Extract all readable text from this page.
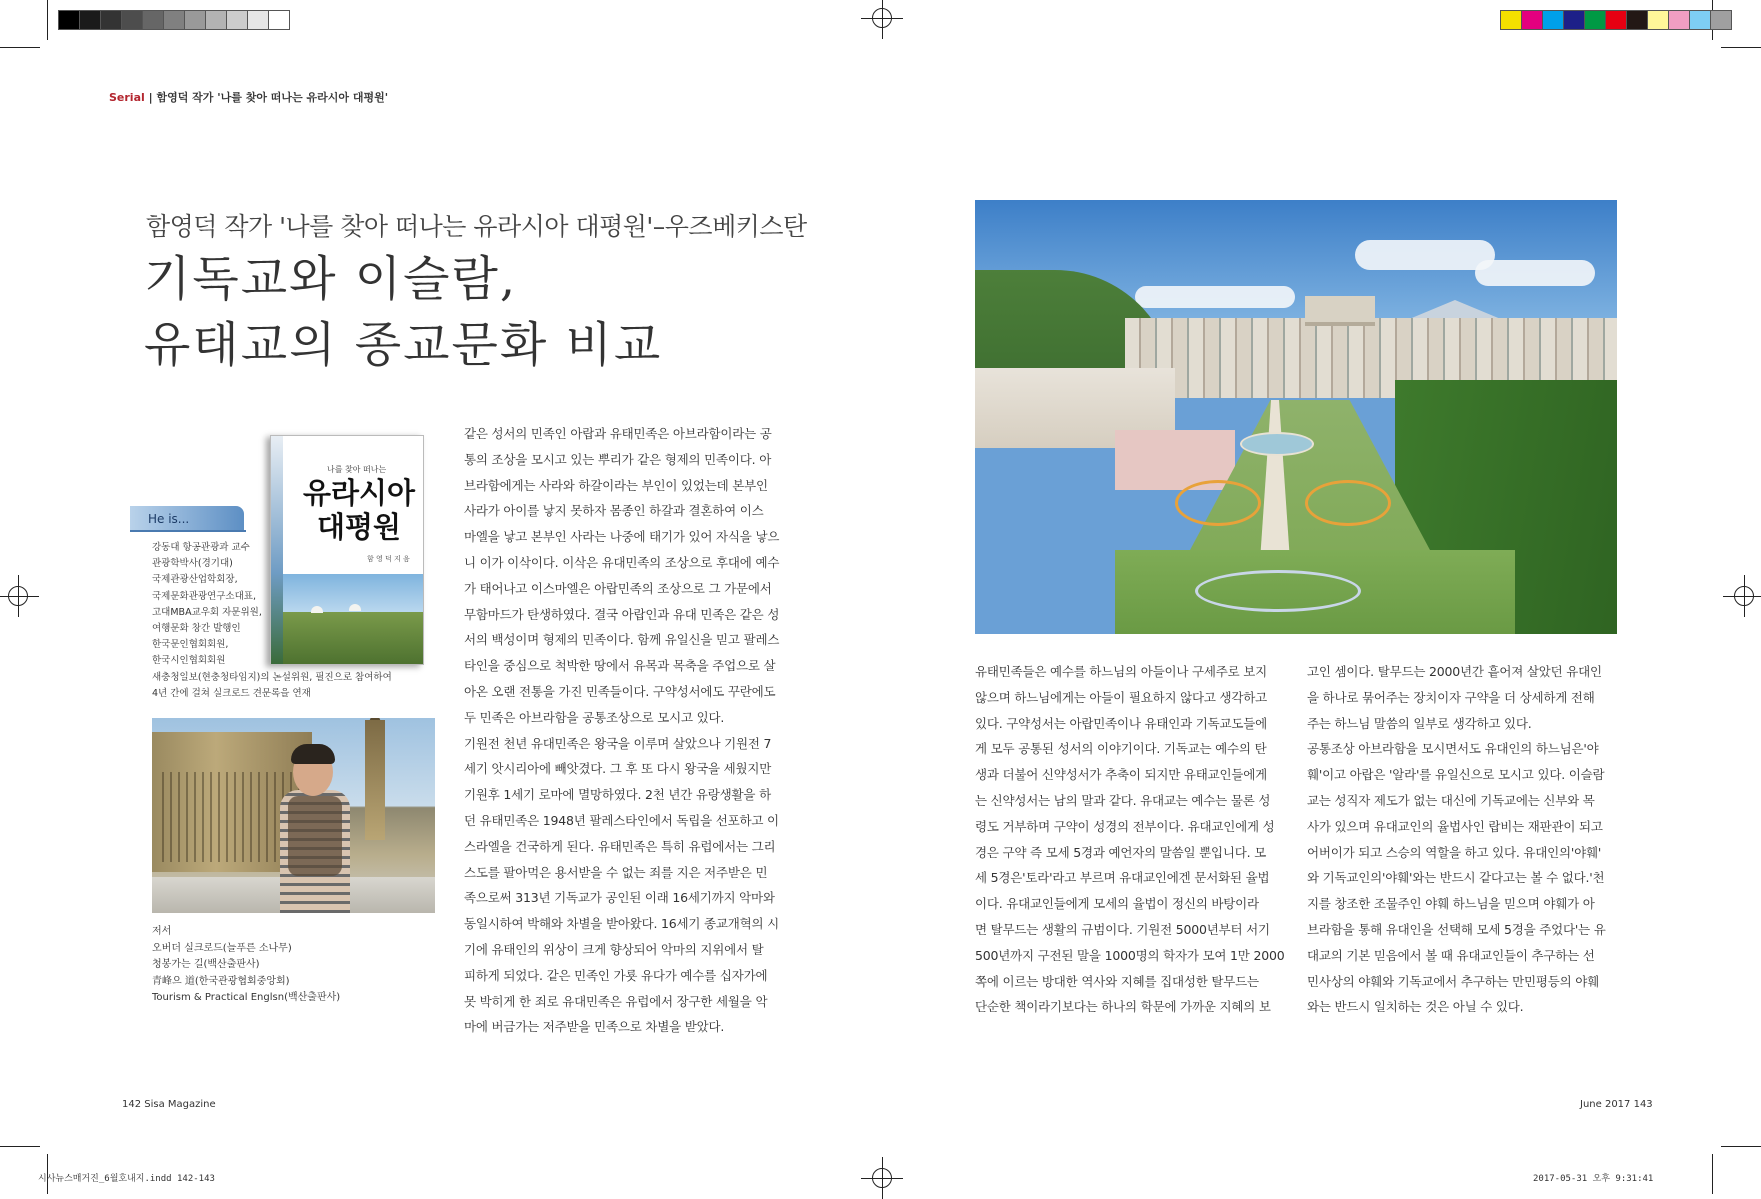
Serial | 함영덕 작가 '나를 찾아 떠나는 유라시아 대평원'
함영덕 작가 '나를 찾아 떠나는 유라시아 대평원'–우즈베키스탄
기독교와 이슬람,
유태교의 종교문화 비교
나를 찾아 떠나는
유라시아
대평원
함 영 덕 지 음
He is...
강동대 항공관광과 교수
관광학박사(경기대)
국제관광산업학회장,
국제문화관광연구소대표,
고대MBA교우회 자문위원,
여행문화 창간 발행인
한국문인협회회원,
한국시인협회회원
새충청일보(현충청타임지)의 논설위원, 필진으로 참여하여
4년 간에 걸쳐 실크로드 견문록을 연재
저서
오버더 실크로드(늘푸른 소나무)
청봉가는 길(백산출판사)
青峰으 道(한국관광협회중앙회)
Tourism & Practical Englsn(백산출판사)
같은 성서의 민족인 아랍과 유태민족은 아브라함이라는 공
통의 조상을 모시고 있는 뿌리가 같은 형제의 민족이다. 아
브라함에게는 사라와 하갈이라는 부인이 있었는데 본부인
사라가 아이를 낳지 못하자 몸종인 하갈과 결혼하여 이스
마엘을 낳고 본부인 사라는 나중에 태기가 있어 자식을 낳으
니 이가 이삭이다. 이삭은 유대민족의 조상으로 후대에 예수
가 태어나고 이스마엘은 아랍민족의 조상으로 그 가문에서
무함마드가 탄생하였다. 결국 아랍인과 유대 민족은 같은 성
서의 백성이며 형제의 민족이다. 함께 유일신을 믿고 팔레스
타인을 중심으로 척박한 땅에서 유목과 목축을 주업으로 살
아온 오랜 전통을 가진 민족들이다. 구약성서에도 꾸란에도
두 민족은 아브라함을 공통조상으로 모시고 있다.
기원전 천년 유대민족은 왕국을 이루며 살았으나 기원전 7
세기 앗시리아에 빼앗겼다. 그 후 또 다시 왕국을 세웠지만
기원후 1세기 로마에 멸망하였다. 2천 년간 유랑생활을 하
던 유태민족은 1948년 팔레스타인에서 독립을 선포하고 이
스라엘을 건국하게 된다. 유태민족은 특히 유럽에서는 그리
스도를 팔아먹은 용서받을 수 없는 죄를 지은 저주받은 민
족으로써 313년 기독교가 공인된 이래 16세기까지 악마와
동일시하여 박해와 차별을 받아왔다. 16세기 종교개혁의 시
기에 유태인의 위상이 크게 향상되어 악마의 지위에서 탈
피하게 되었다. 같은 민족인 가룟 유다가 예수를 십자가에
못 박히게 한 죄로 유대민족은 유럽에서 장구한 세월을 악
마에 버금가는 저주받을 민족으로 차별을 받았다.
유태민족들은 예수를 하느님의 아들이나 구세주로 보지
않으며 하느님에게는 아들이 필요하지 않다고 생각하고
있다. 구약성서는 아랍민족이나 유태인과 기독교도들에
게 모두 공통된 성서의 이야기이다. 기독교는 예수의 탄
생과 더불어 신약성서가 추축이 되지만 유태교인들에게
는 신약성서는 남의 말과 같다. 유대교는 예수는 물론 성
령도 거부하며 구약이 성경의 전부이다. 유대교인에게 성
경은 구약 즉 모세 5경과 예언자의 말씀일 뿐입니다. 모
세 5경은'토라'라고 부르며 유대교인에겐 문서화된 율법
이다. 유대교인들에게 모세의 율법이 정신의 바탕이라
면 탈무드는 생활의 규범이다. 기원전 5000년부터 서기
500년까지 구전된 말을 1000명의 학자가 모여 1만 2000
쪽에 이르는 방대한 역사와 지혜를 집대성한 탈무드는
단순한 책이라기보다는 하나의 학문에 가까운 지혜의 보
고인 셈이다. 탈무드는 2000년간 흩어져 살았던 유대인
을 하나로 묶어주는 장치이자 구약을 더 상세하게 전해
주는 하느님 말씀의 일부로 생각하고 있다.
공통조상 아브라함을 모시면서도 유대인의 하느님은'야
훼'이고 아랍은 '알라'를 유일신으로 모시고 있다. 이슬람
교는 성직자 제도가 없는 대신에 기독교에는 신부와 목
사가 있으며 유대교인의 율법사인 랍비는 재판관이 되고
어버이가 되고 스승의 역할을 하고 있다. 유대인의'야훼'
와 기독교인의'야훼'와는 반드시 같다고는 볼 수 없다.'천
지를 창조한 조물주인 야훼 하느님을 믿으며 야훼가 아
브라함을 통해 유대인을 선택해 모세 5경을 주었다'는 유
대교의 기본 믿음에서 볼 때 유대교인들이 추구하는 선
민사상의 야훼와 기독교에서 추구하는 만민평등의 야훼
와는 반드시 일치하는 것은 아닐 수 있다.
142 Sisa Magazine	June 2017 143
시사뉴스매거진_6월호내지.indd 142-143	2017-05-31 오후 9:31:41
